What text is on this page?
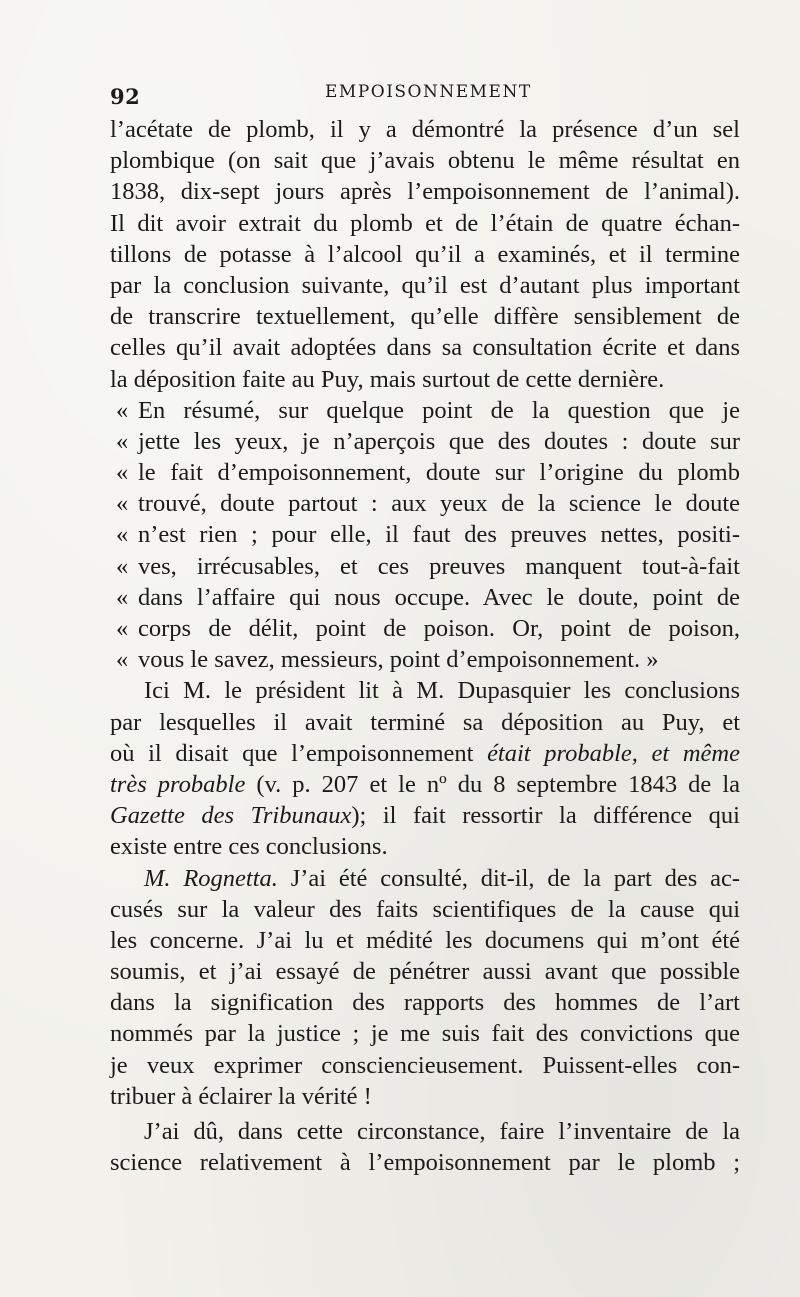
92	EMPOISONNEMENT
l’acétate de plomb, il y a démontré la présence d’un sel
plombique (on sait que j’avais obtenu le même résultat en
1838, dix-sept jours après l’empoisonnement de l’animal).
Il dit avoir extrait du plomb et de l’étain de quatre échan-
tillons de potasse à l’alcool qu’il a examinés, et il termine
par la conclusion suivante, qu’il est d’autant plus important
de transcrire textuellement, qu’elle diffère sensiblement de
celles qu’il avait adoptées dans sa consultation écrite et dans
la déposition faite au Puy, mais surtout de cette dernière.
« En résumé, sur quelque point de la question que je
« jette les yeux, je n’aperçois que des doutes : doute sur
« le fait d’empoisonnement, doute sur l’origine du plomb
« trouvé, doute partout : aux yeux de la science le doute
« n’est rien ; pour elle, il faut des preuves nettes, positi-
« ves, irrécusables, et ces preuves manquent tout-à-fait
« dans l’affaire qui nous occupe. Avec le doute, point de
« corps de délit, point de poison. Or, point de poison,
« vous le savez, messieurs, point d’empoisonnement. »
Ici M. le président lit à M. Dupasquier les conclusions
par lesquelles il avait terminé sa déposition au Puy, et
où il disait que l’empoisonnement était probable, et même
très probable (v. p. 207 et le nº du 8 septembre 1843 de la
Gazette des Tribunaux); il fait ressortir la différence qui
existe entre ces conclusions.
M. Rognetta. J’ai été consulté, dit-il, de la part des ac-
cusés sur la valeur des faits scientifiques de la cause qui
les concerne. J’ai lu et médité les documens qui m’ont été
soumis, et j’ai essayé de pénétrer aussi avant que possible
dans la signification des rapports des hommes de l’art
nommés par la justice ; je me suis fait des convictions que
je veux exprimer consciencieusement. Puissent-elles con-
tribuer à éclairer la vérité !
J’ai dû, dans cette circonstance, faire l’inventaire de la
science relativement à l’empoisonnement par le plomb ;
